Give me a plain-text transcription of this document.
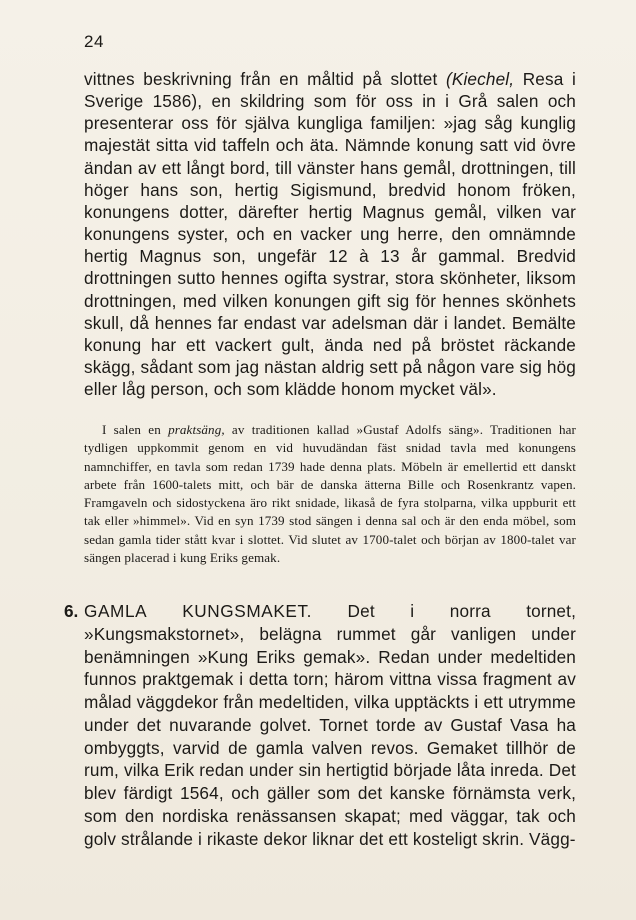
24

vittnes beskrivning från en måltid på slottet (Kiechel, Resa i Sverige 1586), en skildring som för oss in i Grå salen och presenterar oss för själva kungliga familjen: »jag såg kunglig majestät sitta vid taffeln och äta. Nämnde konung satt vid övre ändan av ett långt bord, till vänster hans gemål, drottningen, till höger hans son, hertig Sigismund, bredvid honom fröken, konungens dotter, därefter hertig Magnus gemål, vilken var konungens syster, och en vacker ung herre, den omnämnde hertig Magnus son, ungefär 12 à 13 år gammal. Bredvid drottningen sutto hennes ogifta systrar, stora skönheter, liksom drottningen, med vilken konungen gift sig för hennes skönhets skull, då hennes far endast var adelsman där i landet. Bemälte konung har ett vackert gult, ända ned på bröstet räckande skägg, sådant som jag nästan aldrig sett på någon vare sig hög eller låg person, och som klädde honom mycket väl».

I salen en praktsäng, av traditionen kallad »Gustaf Adolfs säng». Traditionen har tydligen uppkommit genom en vid huvudändan fäst snidad tavla med konungens namnchiffer, en tavla som redan 1739 hade denna plats. Möbeln är emellertid ett danskt arbete från 1600-talets mitt, och bär de danska ätterna Bille och Rosenkrantz vapen. Framgaveln och sidostyckena äro rikt snidade, likaså de fyra stolparna, vilka uppburit ett tak eller »himmel». Vid en syn 1739 stod sängen i denna sal och är den enda möbel, som sedan gamla tider stått kvar i slottet. Vid slutet av 1700-talet och början av 1800-talet var sängen placerad i kung Eriks gemak.

6. GAMLA KUNGSMAKET. Det i norra tornet, »Kungsmakstornet», belägna rummet går vanligen under benämningen »Kung Eriks gemak». Redan under medeltiden funnos praktgemak i detta torn; härom vittna vissa fragment av målad väggdekor från medeltiden, vilka upptäckts i ett utrymme under det nuvarande golvet. Tornet torde av Gustaf Vasa ha ombyggts, varvid de gamla valven revos. Gemaket tillhör de rum, vilka Erik redan under sin hertigtid började låta inreda. Det blev färdigt 1564, och gäller som det kanske förnämsta verk, som den nordiska renässansen skapat; med väggar, tak och golv strålande i rikaste dekor liknar det ett kosteligt skrin. Vägg-
